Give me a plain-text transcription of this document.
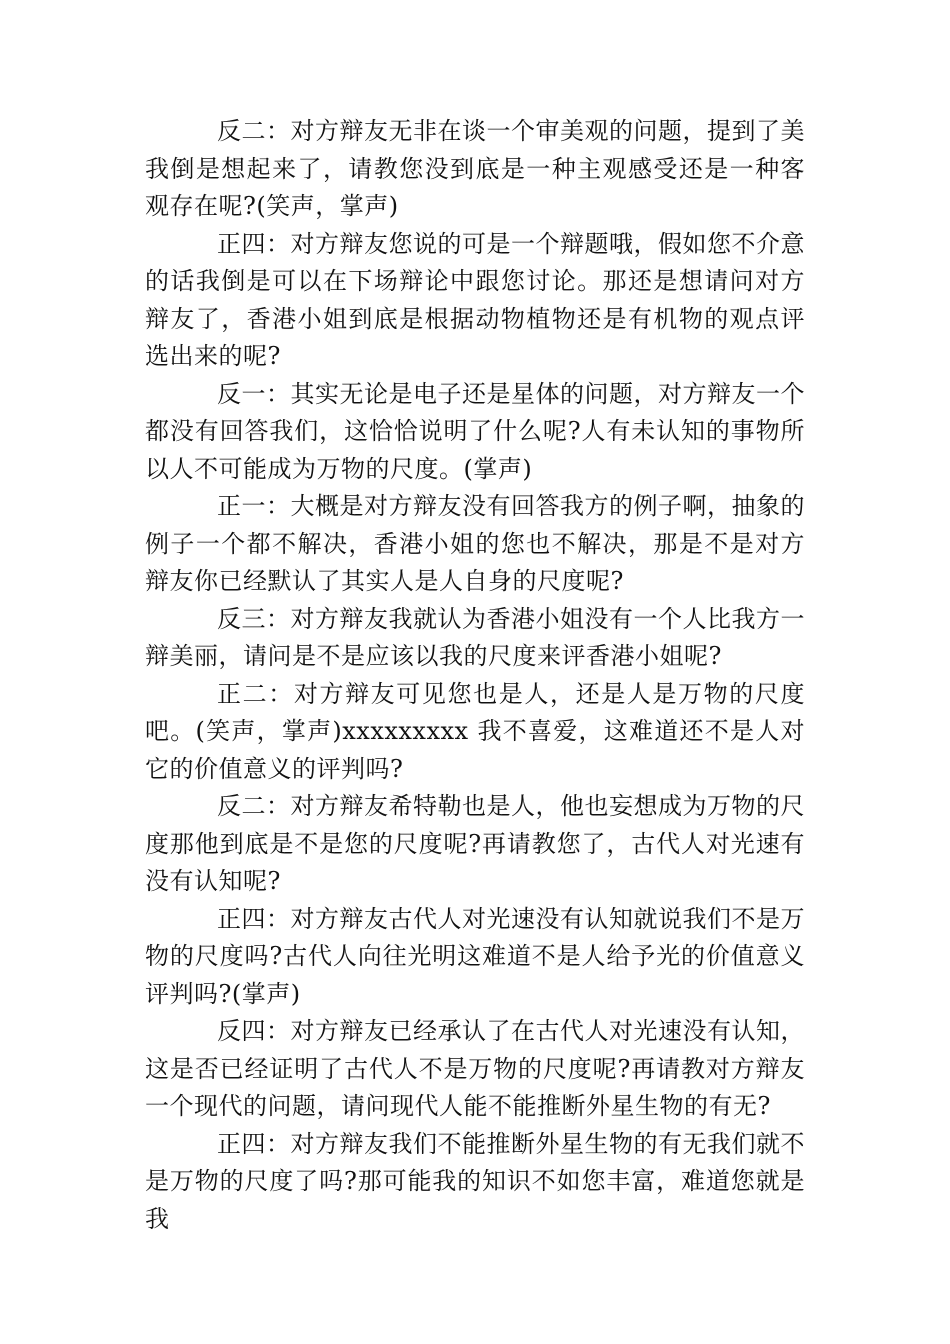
反二：对方辩友无非在谈一个审美观的问题，提到了美我倒是想起来了，请教您没到底是一种主观感受还是一种客观存在呢?(笑声，掌声)

正四：对方辩友您说的可是一个辩题哦，假如您不介意的话我倒是可以在下场辩论中跟您讨论。那还是想请问对方辩友了，香港小姐到底是根据动物植物还是有机物的观点评选出来的呢?

反一：其实无论是电子还是星体的问题，对方辩友一个都没有回答我们，这恰恰说明了什么呢?人有未认知的事物所以人不可能成为万物的尺度。(掌声)

正一：大概是对方辩友没有回答我方的例子啊，抽象的例子一个都不解决，香港小姐的您也不解决，那是不是对方辩友你已经默认了其实人是人自身的尺度呢?

反三：对方辩友我就认为香港小姐没有一个人比我方一辩美丽，请问是不是应该以我的尺度来评香港小姐呢?

正二：对方辩友可见您也是人，还是人是万物的尺度吧。(笑声，掌声)xxxxxxxxx 我不喜爱，这难道还不是人对它的价值意义的评判吗?

反二：对方辩友希特勒也是人，他也妄想成为万物的尺度那他到底是不是您的尺度呢?再请教您了，古代人对光速有没有认知呢?

正四：对方辩友古代人对光速没有认知就说我们不是万物的尺度吗?古代人向往光明这难道不是人给予光的价值意义评判吗?(掌声)

反四：对方辩友已经承认了在古代人对光速没有认知，这是否已经证明了古代人不是万物的尺度呢?再请教对方辩友一个现代的问题，请问现代人能不能推断外星生物的有无?

正四：对方辩友我们不能推断外星生物的有无我们就不是万物的尺度了吗?那可能我的知识不如您丰富，难道您就是我
